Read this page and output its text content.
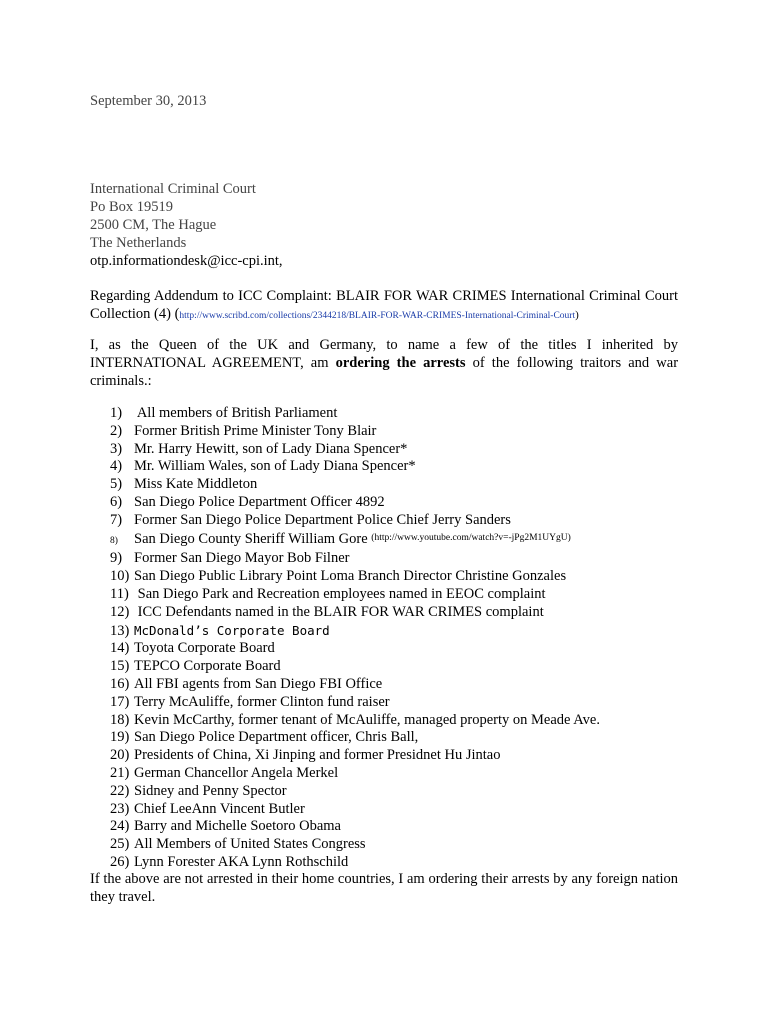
September 30, 2013
International Criminal Court
Po Box 19519
2500 CM, The Hague
The Netherlands
otp.informationdesk@icc-cpi.int,
Regarding Addendum to ICC Complaint: BLAIR FOR WAR CRIMES International Criminal Court Collection (4) (http://www.scribd.com/collections/2344218/BLAIR-FOR-WAR-CRIMES-International-Criminal-Court)
I, as the Queen of the UK and Germany, to name a few of the titles I inherited by INTERNATIONAL AGREEMENT, am ordering the arrests of the following traitors and war criminals.:
1) All members of British Parliament
2) Former British Prime Minister Tony Blair
3) Mr. Harry Hewitt, son of Lady Diana Spencer*
4) Mr. William Wales, son of Lady Diana Spencer*
5) Miss Kate Middleton
6) San Diego Police Department Officer 4892
7) Former San Diego Police Department Police Chief Jerry Sanders
8) San Diego County Sheriff William Gore $^{(http://www.youtube.com/watch?v=-jPg2M1UYgU)}$
9) Former San Diego Mayor Bob Filner
10) San Diego Public Library Point Loma Branch Director Christine Gonzales
11) San Diego Park and Recreation employees named in EEOC complaint
12) ICC Defendants named in the BLAIR FOR WAR CRIMES complaint
13) McDonald’s Corporate Board
14) Toyota Corporate Board
15) TEPCO Corporate Board
16) All FBI agents from San Diego FBI Office
17) Terry McAuliffe, former Clinton fund raiser
18) Kevin McCarthy, former tenant of McAuliffe, managed property on Meade Ave.
19) San Diego Police Department officer, Chris Ball,
20) Presidents of China, Xi Jinping and former Presidnet Hu Jintao
21) German Chancellor Angela Merkel
22) Sidney and Penny Spector
23) Chief LeeAnn Vincent Butler
24) Barry and Michelle Soetoro Obama
25) All Members of United States Congress
26) Lynn Forester AKA Lynn Rothschild
If the above are not arrested in their home countries, I am ordering their arrests by any foreign nation they travel.
